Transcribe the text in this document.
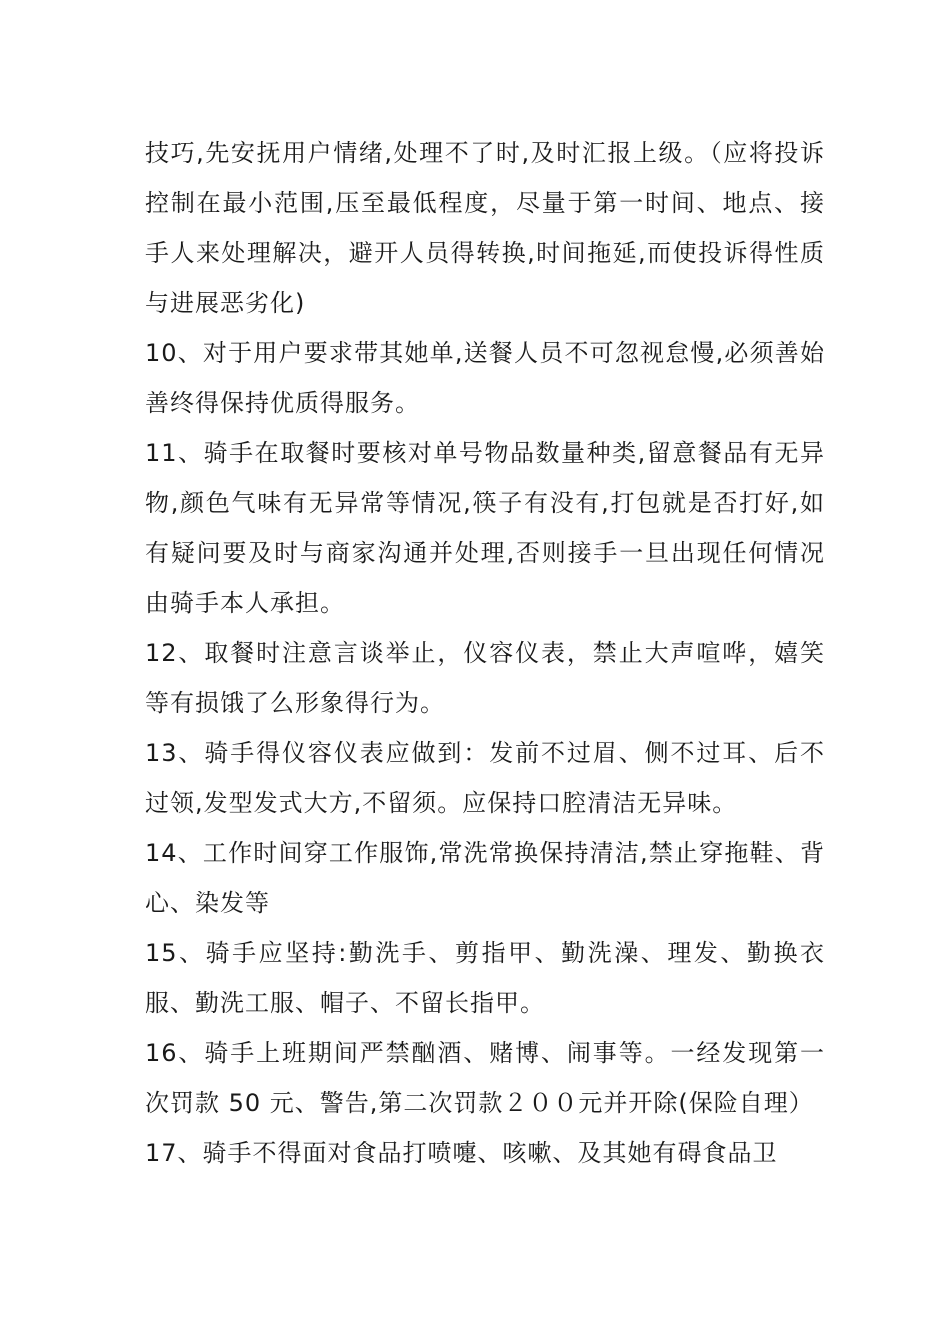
技巧,先安抚用户情绪,处理不了时,及时汇报上级。（应将投诉控制在最小范围,压至最低程度，尽量于第一时间、地点、接手人来处理解决，避开人员得转换,时间拖延,而使投诉得性质与进展恶劣化)

10、对于用户要求带其她单,送餐人员不可忽视怠慢,必须善始善终得保持优质得服务。

11、骑手在取餐时要核对单号物品数量种类,留意餐品有无异物,颜色气味有无异常等情况,筷子有没有,打包就是否打好,如有疑问要及时与商家沟通并处理,否则接手一旦出现任何情况由骑手本人承担。

12、取餐时注意言谈举止，仪容仪表，禁止大声喧哗，嬉笑等有损饿了么形象得行为。

13、骑手得仪容仪表应做到：发前不过眉、侧不过耳、后不过领,发型发式大方,不留须。应保持口腔清洁无异味。

14、工作时间穿工作服饰,常洗常换保持清洁,禁止穿拖鞋、背心、染发等

15、骑手应坚持:勤洗手、剪指甲、勤洗澡、理发、勤换衣服、勤洗工服、帽子、不留长指甲。

16、骑手上班期间严禁酗酒、赌博、闹事等。一经发现第一次罚款 50 元、警告,第二次罚款２００元并开除(保险自理）

17、骑手不得面对食品打喷嚏、咳嗽、及其她有碍食品卫
